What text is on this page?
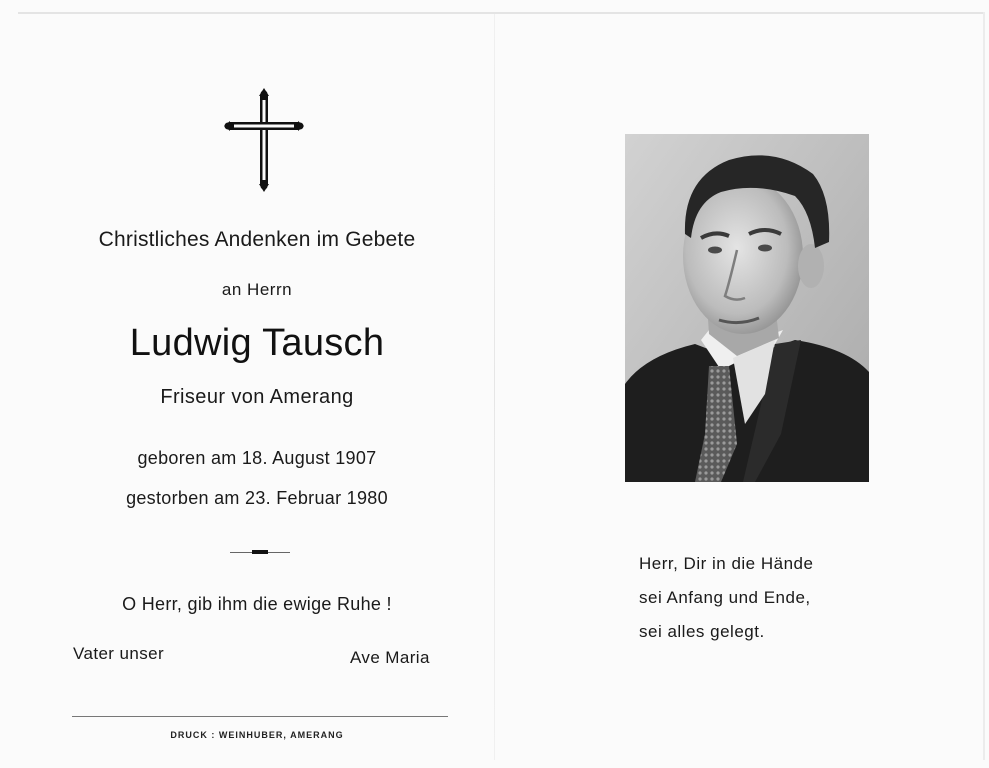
Christliches Andenken im Gebete
an Herrn
Ludwig Tausch
Friseur von Amerang
geboren am 18. August 1907
gestorben am 23. Februar 1980
O Herr, gib ihm die ewige Ruhe !
Vater unser	Ave Maria
DRUCK : WEINHUBER, AMERANG
Herr, Dir in die Hände
sei Anfang und Ende,
sei alles gelegt.
